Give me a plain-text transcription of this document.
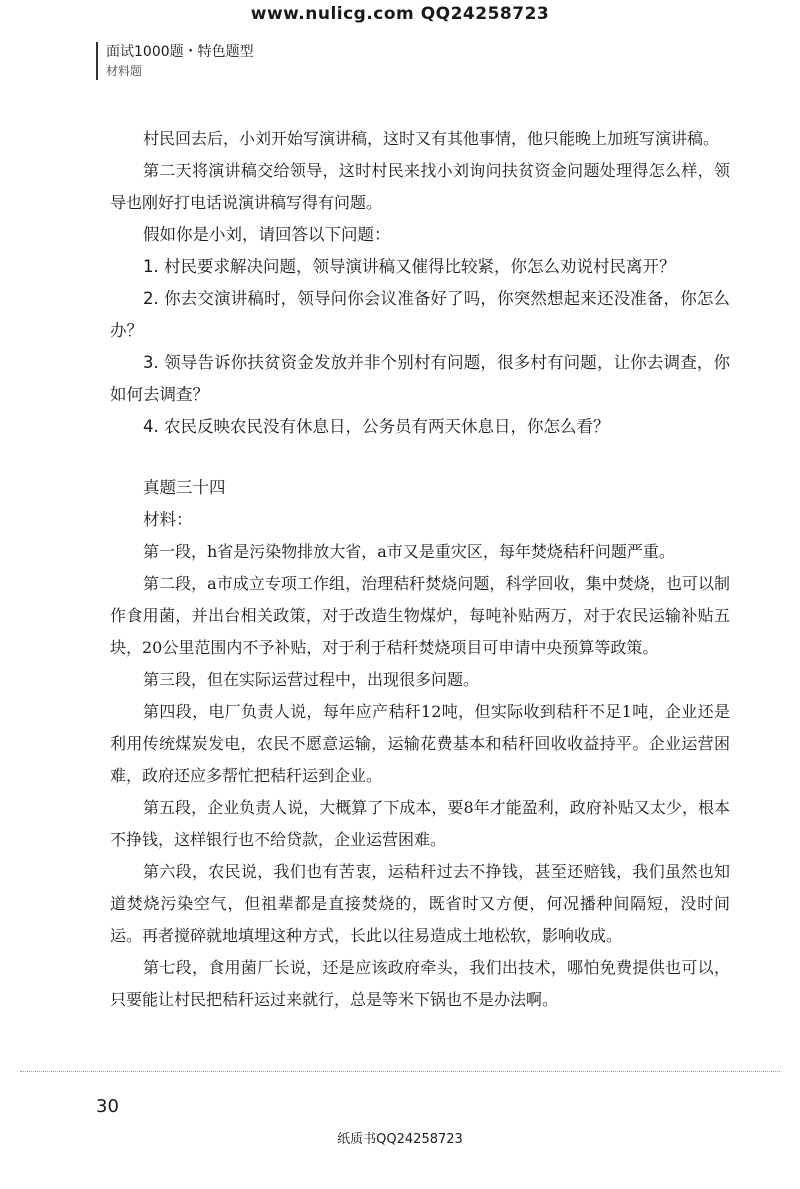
www.nulicg.com QQ24258723
面试1000题・特色题型
材料题

村民回去后，小刘开始写演讲稿，这时又有其他事情，他只能晚上加班写演讲稿。

第二天将演讲稿交给领导，这时村民来找小刘询问扶贫资金问题处理得怎么样，领导也刚好打电话说演讲稿写得有问题。

假如你是小刘，请回答以下问题：

1. 村民要求解决问题，领导演讲稿又催得比较紧，你怎么劝说村民离开？

2. 你去交演讲稿时，领导问你会议准备好了吗，你突然想起来还没准备，你怎么办？

3. 领导告诉你扶贫资金发放并非个别村有问题，很多村有问题，让你去调查，你如何去调查？

4. 农民反映农民没有休息日，公务员有两天休息日，你怎么看？

真题三十四

材料：

第一段，h省是污染物排放大省，a市又是重灾区，每年焚烧秸秆问题严重。

第二段，a市成立专项工作组，治理秸秆焚烧问题，科学回收，集中焚烧，也可以制作食用菌，并出台相关政策，对于改造生物煤炉，每吨补贴两万，对于农民运输补贴五块，20公里范围内不予补贴，对于利于秸秆焚烧项目可申请中央预算等政策。

第三段，但在实际运营过程中，出现很多问题。

第四段，电厂负责人说，每年应产秸秆12吨，但实际收到秸秆不足1吨，企业还是利用传统煤炭发电，农民不愿意运输，运输花费基本和秸秆回收收益持平。企业运营困难，政府还应多帮忙把秸秆运到企业。

第五段，企业负责人说，大概算了下成本，要8年才能盈利，政府补贴又太少，根本不挣钱，这样银行也不给贷款，企业运营困难。

第六段，农民说，我们也有苦衷，运秸秆过去不挣钱，甚至还赔钱，我们虽然也知道焚烧污染空气，但祖辈都是直接焚烧的，既省时又方便，何况播种间隔短，没时间运。再者搅碎就地填埋这种方式，长此以往易造成土地松软，影响收成。

第七段，食用菌厂长说，还是应该政府牵头，我们出技术，哪怕免费提供也可以，只要能让村民把秸秆运过来就行，总是等米下锅也不是办法啊。

30
纸质书QQ24258723
